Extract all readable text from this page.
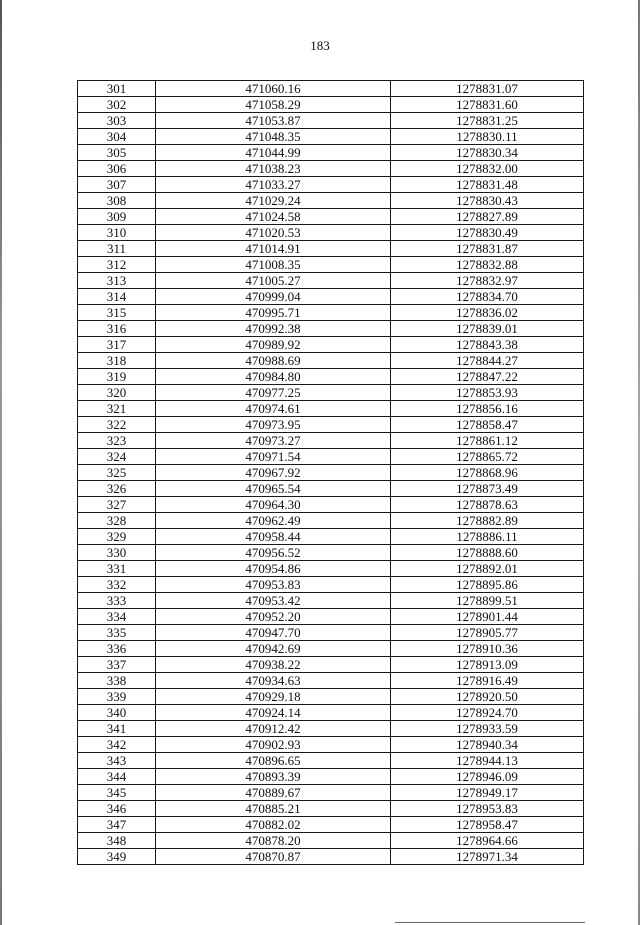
183
301	471060.16	1278831.07
302	471058.29	1278831.60
303	471053.87	1278831.25
304	471048.35	1278830.11
305	471044.99	1278830.34
306	471038.23	1278832.00
307	471033.27	1278831.48
308	471029.24	1278830.43
309	471024.58	1278827.89
310	471020.53	1278830.49
311	471014.91	1278831.87
312	471008.35	1278832.88
313	471005.27	1278832.97
314	470999.04	1278834.70
315	470995.71	1278836.02
316	470992.38	1278839.01
317	470989.92	1278843.38
318	470988.69	1278844.27
319	470984.80	1278847.22
320	470977.25	1278853.93
321	470974.61	1278856.16
322	470973.95	1278858.47
323	470973.27	1278861.12
324	470971.54	1278865.72
325	470967.92	1278868.96
326	470965.54	1278873.49
327	470964.30	1278878.63
328	470962.49	1278882.89
329	470958.44	1278886.11
330	470956.52	1278888.60
331	470954.86	1278892.01
332	470953.83	1278895.86
333	470953.42	1278899.51
334	470952.20	1278901.44
335	470947.70	1278905.77
336	470942.69	1278910.36
337	470938.22	1278913.09
338	470934.63	1278916.49
339	470929.18	1278920.50
340	470924.14	1278924.70
341	470912.42	1278933.59
342	470902.93	1278940.34
343	470896.65	1278944.13
344	470893.39	1278946.09
345	470889.67	1278949.17
346	470885.21	1278953.83
347	470882.02	1278958.47
348	470878.20	1278964.66
349	470870.87	1278971.34
